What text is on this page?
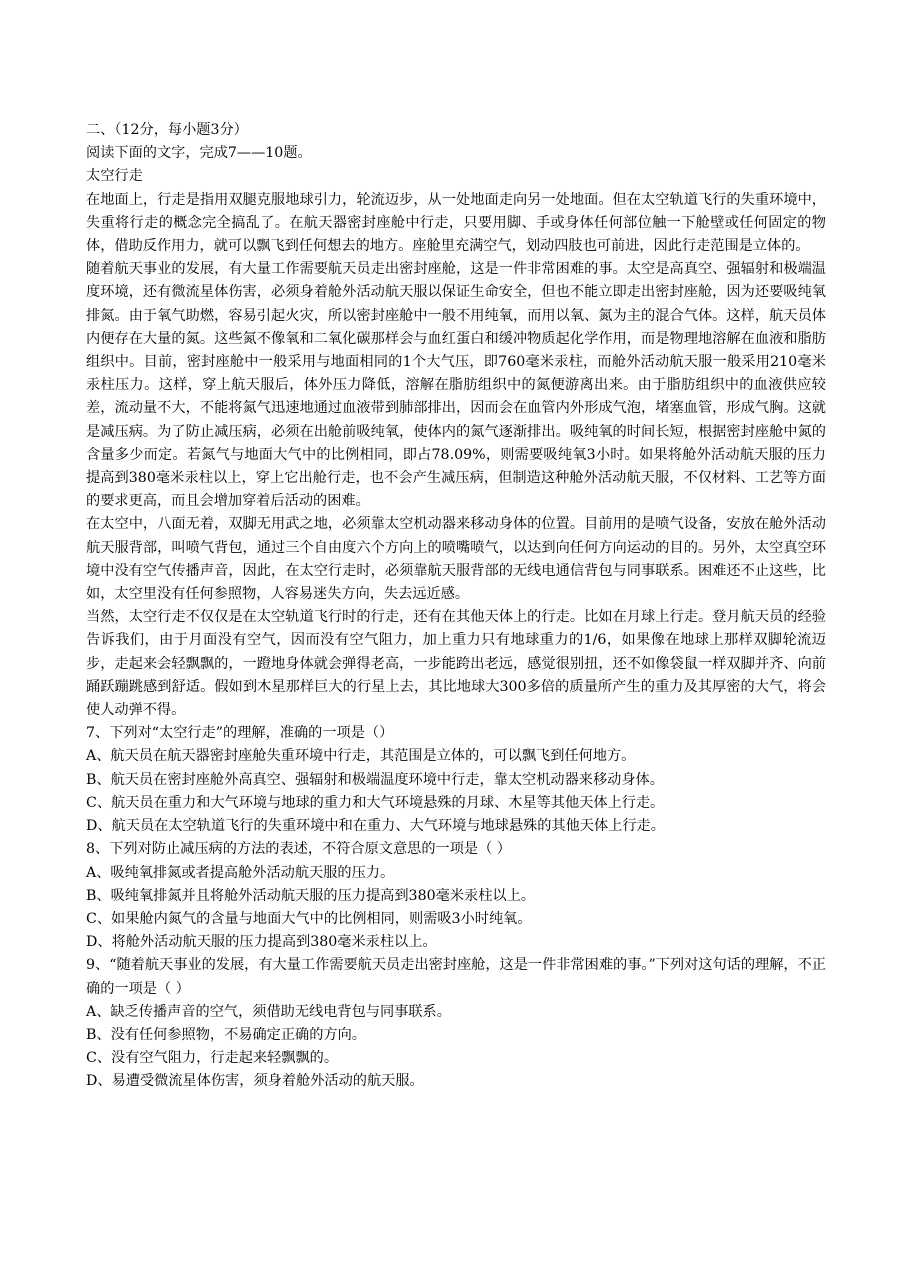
二、（12分，每小题3分）
阅读下面的文字，完成7——10题。
太空行走
在地面上，行走是指用双腿克服地球引力，轮流迈步，从一处地面走向另一处地面。但在太空轨道飞行的失重环境中，失重将行走的概念完全搞乱了。在航天器密封座舱中行走，只要用脚、手或身体任何部位触一下舱壁或任何固定的物体，借助反作用力，就可以飘飞到任何想去的地方。座舱里充满空气，划动四肢也可前进，因此行走范围是立体的。
随着航天事业的发展，有大量工作需要航天员走出密封座舱，这是一件非常困难的事。太空是高真空、强辐射和极端温度环境，还有微流星体伤害，必须身着舱外活动航天服以保证生命安全，但也不能立即走出密封座舱，因为还要吸纯氧排氮。由于氧气助燃，容易引起火灾，所以密封座舱中一般不用纯氧，而用以氧、氮为主的混合气体。这样，航天员体内便存在大量的氮。这些氮不像氧和二氧化碳那样会与血红蛋白和缓冲物质起化学作用，而是物理地溶解在血液和脂肪组织中。目前，密封座舱中一般采用与地面相同的1个大气压，即760毫米汞柱，而舱外活动航天服一般采用210毫米汞柱压力。这样，穿上航天服后，体外压力降低，溶解在脂肪组织中的氮便游离出来。由于脂肪组织中的血液供应较差，流动量不大，不能将氮气迅速地通过血液带到肺部排出，因而会在血管内外形成气泡，堵塞血管，形成气胸。这就是减压病。为了防止减压病，必须在出舱前吸纯氧，使体内的氮气逐渐排出。吸纯氧的时间长短，根据密封座舱中氮的含量多少而定。若氮气与地面大气中的比例相同，即占78.09%，则需要吸纯氧3小时。如果将舱外活动航天服的压力提高到380毫米汞柱以上，穿上它出舱行走，也不会产生减压病，但制造这种舱外活动航天服，不仅材料、工艺等方面的要求更高，而且会增加穿着后活动的困难。
在太空中，八面无着，双脚无用武之地，必须靠太空机动器来移动身体的位置。目前用的是喷气设备，安放在舱外活动航天服背部，叫喷气背包，通过三个自由度六个方向上的喷嘴喷气，以达到向任何方向运动的目的。另外，太空真空环境中没有空气传播声音，因此，在太空行走时，必须靠航天服背部的无线电通信背包与同事联系。困难还不止这些，比如，太空里没有任何参照物，人容易迷失方向，失去远近感。
当然，太空行走不仅仅是在太空轨道飞行时的行走，还有在其他天体上的行走。比如在月球上行走。登月航天员的经验告诉我们，由于月面没有空气，因而没有空气阻力，加上重力只有地球重力的1/6，如果像在地球上那样双脚轮流迈步，走起来会轻飘飘的，一蹬地身体就会弹得老高，一步能跨出老远，感觉很别扭，还不如像袋鼠一样双脚并齐、向前踊跃蹦跳感到舒适。假如到木星那样巨大的行星上去，其比地球大300多倍的质量所产生的重力及其厚密的大气，将会使人动弹不得。
7、下列对“太空行走”的理解，准确的一项是（）
A、航天员在航天器密封座舱失重环境中行走，其范围是立体的，可以飘飞到任何地方。
B、航天员在密封座舱外高真空、强辐射和极端温度环境中行走，靠太空机动器来移动身体。
C、航天员在重力和大气环境与地球的重力和大气环境悬殊的月球、木星等其他天体上行走。
D、航天员在太空轨道飞行的失重环境中和在重力、大气环境与地球悬殊的其他天体上行走。
8、下列对防止减压病的方法的表述，不符合原文意思的一项是（ ）
A、吸纯氧排氮或者提高舱外活动航天服的压力。
B、吸纯氧排氮并且将舱外活动航天服的压力提高到380毫米汞柱以上。
C、如果舱内氮气的含量与地面大气中的比例相同，则需吸3小时纯氧。
D、将舱外活动航天服的压力提高到380毫米汞柱以上。
9、“随着航天事业的发展，有大量工作需要航天员走出密封座舱，这是一件非常困难的事。”下列对这句话的理解，不正确的一项是（ ）
A、缺乏传播声音的空气，须借助无线电背包与同事联系。
B、没有任何参照物，不易确定正确的方向。
C、没有空气阻力，行走起来轻飘飘的。
D、易遭受微流星体伤害，须身着舱外活动的航天服。
